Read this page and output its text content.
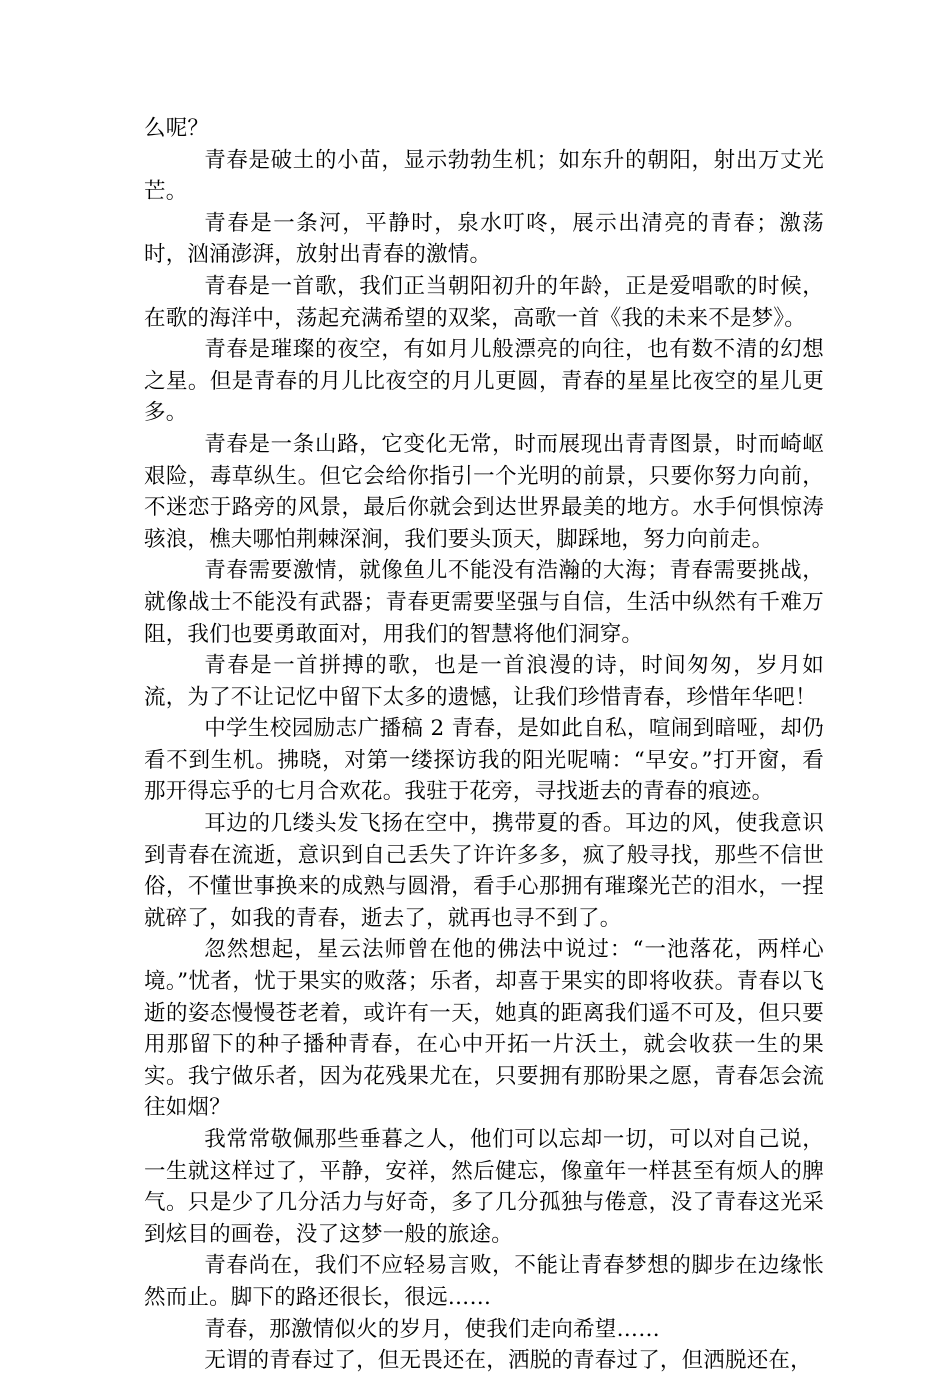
么呢？

青春是破土的小苗，显示勃勃生机；如东升的朝阳，射出万丈光芒。

青春是一条河，平静时，泉水叮咚，展示出清亮的青春；激荡时，汹涌澎湃，放射出青春的激情。

青春是一首歌，我们正当朝阳初升的年龄，正是爱唱歌的时候，在歌的海洋中，荡起充满希望的双桨，高歌一首《我的未来不是梦》。

青春是璀璨的夜空，有如月儿般漂亮的向往，也有数不清的幻想之星。但是青春的月儿比夜空的月儿更圆，青春的星星比夜空的星儿更多。

青春是一条山路，它变化无常，时而展现出青青图景，时而崎岖艰险，毒草纵生。但它会给你指引一个光明的前景，只要你努力向前，不迷恋于路旁的风景，最后你就会到达世界最美的地方。水手何惧惊涛骇浪，樵夫哪怕荆棘深涧，我们要头顶天，脚踩地，努力向前走。

青春需要激情，就像鱼儿不能没有浩瀚的大海；青春需要挑战，就像战士不能没有武器；青春更需要坚强与自信，生活中纵然有千难万阻，我们也要勇敢面对，用我们的智慧将他们洞穿。

青春是一首拼搏的歌，也是一首浪漫的诗，时间匆匆，岁月如流，为了不让记忆中留下太多的遗憾，让我们珍惜青春，珍惜年华吧！

中学生校园励志广播稿 2 青春，是如此自私，喧闹到暗哑，却仍看不到生机。拂晓，对第一缕探访我的阳光呢喃：“早安。”打开窗，看那开得忘乎的七月合欢花。我驻于花旁，寻找逝去的青春的痕迹。

耳边的几缕头发飞扬在空中，携带夏的香。耳边的风，使我意识到青春在流逝，意识到自己丢失了许许多多，疯了般寻找，那些不信世俗，不懂世事换来的成熟与圆滑，看手心那拥有璀璨光芒的泪水，一捏就碎了，如我的青春，逝去了，就再也寻不到了。

忽然想起，星云法师曾在他的佛法中说过：“一池落花，两样心境。”忧者，忧于果实的败落；乐者，却喜于果实的即将收获。青春以飞逝的姿态慢慢苍老着，或许有一天，她真的距离我们遥不可及，但只要用那留下的种子播种青春，在心中开拓一片沃土，就会收获一生的果实。我宁做乐者，因为花残果尤在，只要拥有那盼果之愿，青春怎会流往如烟？

我常常敬佩那些垂暮之人，他们可以忘却一切，可以对自己说，一生就这样过了，平静，安祥，然后健忘，像童年一样甚至有烦人的脾气。只是少了几分活力与好奇，多了几分孤独与倦意，没了青春这光采到炫目的画卷，没了这梦一般的旅途。

青春尚在，我们不应轻易言败，不能让青春梦想的脚步在边缘怅然而止。脚下的路还很长，很远……

青春，那激情似火的岁月，使我们走向希望……

无谓的青春过了，但无畏还在，洒脱的青春过了，但洒脱还在，
